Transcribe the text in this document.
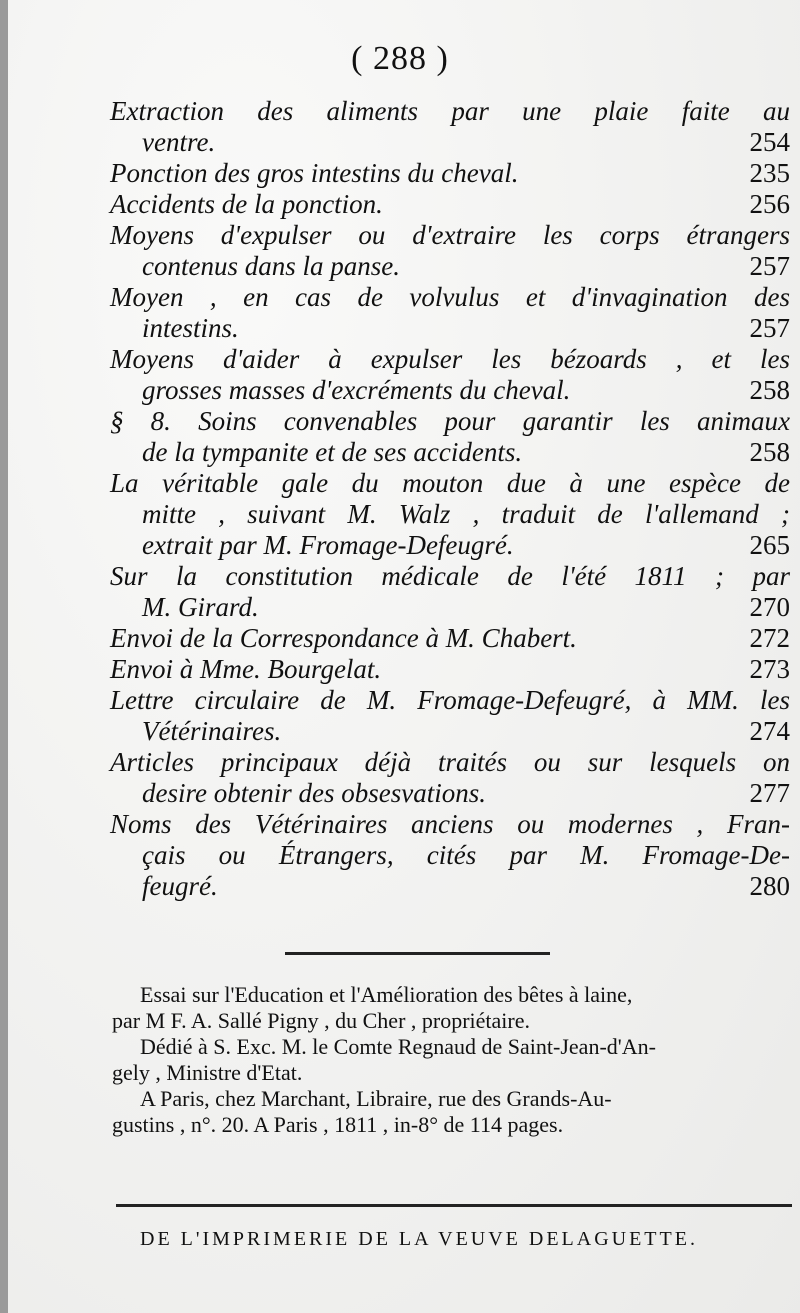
( 288 )
Extraction des aliments par une plaie faite au
ventre.	254
Ponction des gros intestins du cheval.	235
Accidents de la ponction.	256
Moyens d'expulser ou d'extraire les corps étrangers
contenus dans la panse.	257
Moyen , en cas de volvulus et d'invagination des
intestins.	257
Moyens d'aider à expulser les bézoards , et les
grosses masses d'excréments du cheval.	258
§ 8. Soins convenables pour garantir les animaux
de la tympanite et de ses accidents.	258
La véritable gale du mouton due à une espèce de
mitte , suivant M. Walz , traduit de l'allemand ;
extrait par M. Fromage-Defeugré.	265
Sur la constitution médicale de l'été 1811 ; par
M. Girard.	270
Envoi de la Correspondance à M. Chabert.	272
Envoi à Mme. Bourgelat.	273
Lettre circulaire de M. Fromage-Defeugré, à MM. les
Vétérinaires.	274
Articles principaux déjà traités ou sur lesquels on
desire obtenir des obsesvations.	277
Noms des Vétérinaires anciens ou modernes , Fran-
çais ou Étrangers, cités par M. Fromage-De-
feugré.	280
Essai sur l'Education et l'Amélioration des bêtes à laine,
par M F. A. Sallé Pigny , du Cher , propriétaire.
Dédié à S. Exc. M. le Comte Regnaud de Saint-Jean-d'An-
gely , Ministre d'Etat.
A Paris, chez Marchant, Libraire, rue des Grands-Au-
gustins , n°. 20. A Paris , 1811 , in-8° de 114 pages.
DE L'IMPRIMERIE DE LA VEUVE DELAGUETTE.
